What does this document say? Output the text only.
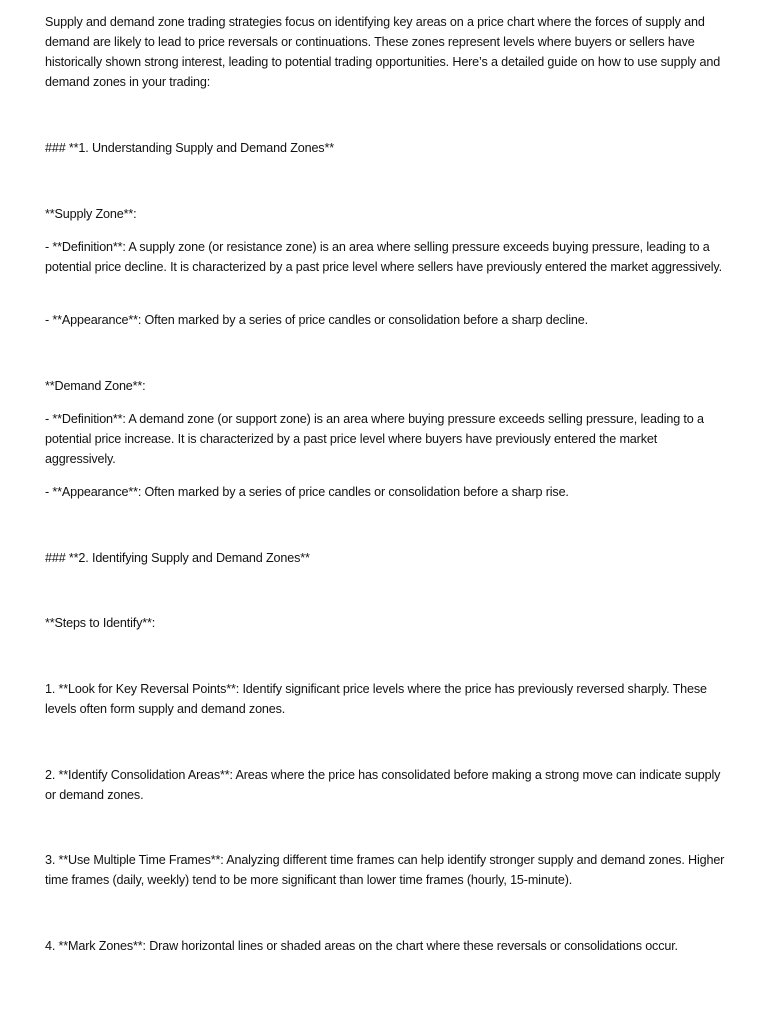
Supply and demand zone trading strategies focus on identifying key areas on a price chart where the forces of supply and demand are likely to lead to price reversals or continuations. These zones represent levels where buyers or sellers have historically shown strong interest, leading to potential trading opportunities. Here’s a detailed guide on how to use supply and demand zones in your trading:

### **1. Understanding Supply and Demand Zones**

**Supply Zone**:

- **Definition**: A supply zone (or resistance zone) is an area where selling pressure exceeds buying pressure, leading to a potential price decline. It is characterized by a past price level where sellers have previously entered the market aggressively.

- **Appearance**: Often marked by a series of price candles or consolidation before a sharp decline.

**Demand Zone**:

- **Definition**: A demand zone (or support zone) is an area where buying pressure exceeds selling pressure, leading to a potential price increase. It is characterized by a past price level where buyers have previously entered the market aggressively.

- **Appearance**: Often marked by a series of price candles or consolidation before a sharp rise.

### **2. Identifying Supply and Demand Zones**

**Steps to Identify**:

1. **Look for Key Reversal Points**: Identify significant price levels where the price has previously reversed sharply. These levels often form supply and demand zones.

2. **Identify Consolidation Areas**: Areas where the price has consolidated before making a strong move can indicate supply or demand zones.

3. **Use Multiple Time Frames**: Analyzing different time frames can help identify stronger supply and demand zones. Higher time frames (daily, weekly) tend to be more significant than lower time frames (hourly, 15-minute).

4. **Mark Zones**: Draw horizontal lines or shaded areas on the chart where these reversals or consolidations occur.
